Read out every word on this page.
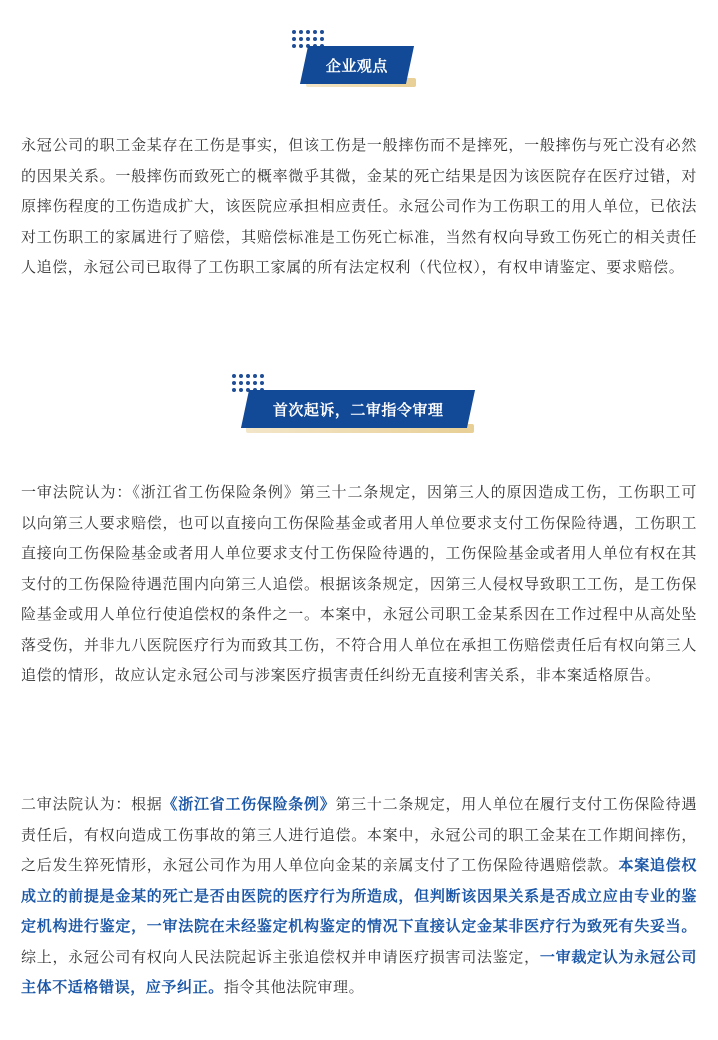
企业观点

永冠公司的职工金某存在工伤是事实，但该工伤是一般摔伤而不是摔死，一般摔伤与死亡没有必然的因果关系。一般摔伤而致死亡的概率微乎其微，金某的死亡结果是因为该医院存在医疗过错，对原摔伤程度的工伤造成扩大，该医院应承担相应责任。永冠公司作为工伤职工的用人单位，已依法对工伤职工的家属进行了赔偿，其赔偿标准是工伤死亡标准，当然有权向导致工伤死亡的相关责任人追偿，永冠公司已取得了工伤职工家属的所有法定权利（代位权），有权申请鉴定、要求赔偿。

首次起诉，二审指令审理

一审法院认为：《浙江省工伤保险条例》第三十二条规定，因第三人的原因造成工伤，工伤职工可以向第三人要求赔偿，也可以直接向工伤保险基金或者用人单位要求支付工伤保险待遇，工伤职工直接向工伤保险基金或者用人单位要求支付工伤保险待遇的，工伤保险基金或者用人单位有权在其支付的工伤保险待遇范围内向第三人追偿。根据该条规定，因第三人侵权导致职工工伤，是工伤保险基金或用人单位行使追偿权的条件之一。本案中，永冠公司职工金某系因在工作过程中从高处坠落受伤，并非九八医院医疗行为而致其工伤，不符合用人单位在承担工伤赔偿责任后有权向第三人追偿的情形，故应认定永冠公司与涉案医疗损害责任纠纷无直接利害关系，非本案适格原告。

二审法院认为：根据《浙江省工伤保险条例》第三十二条规定，用人单位在履行支付工伤保险待遇责任后，有权向造成工伤事故的第三人进行追偿。本案中，永冠公司的职工金某在工作期间摔伤，之后发生猝死情形，永冠公司作为用人单位向金某的亲属支付了工伤保险待遇赔偿款。本案追偿权成立的前提是金某的死亡是否由医院的医疗行为所造成，但判断该因果关系是否成立应由专业的鉴定机构进行鉴定，一审法院在未经鉴定机构鉴定的情况下直接认定金某非医疗行为致死有失妥当。综上，永冠公司有权向人民法院起诉主张追偿权并申请医疗损害司法鉴定，一审裁定认为永冠公司主体不适格错误，应予纠正。指令其他法院审理。
